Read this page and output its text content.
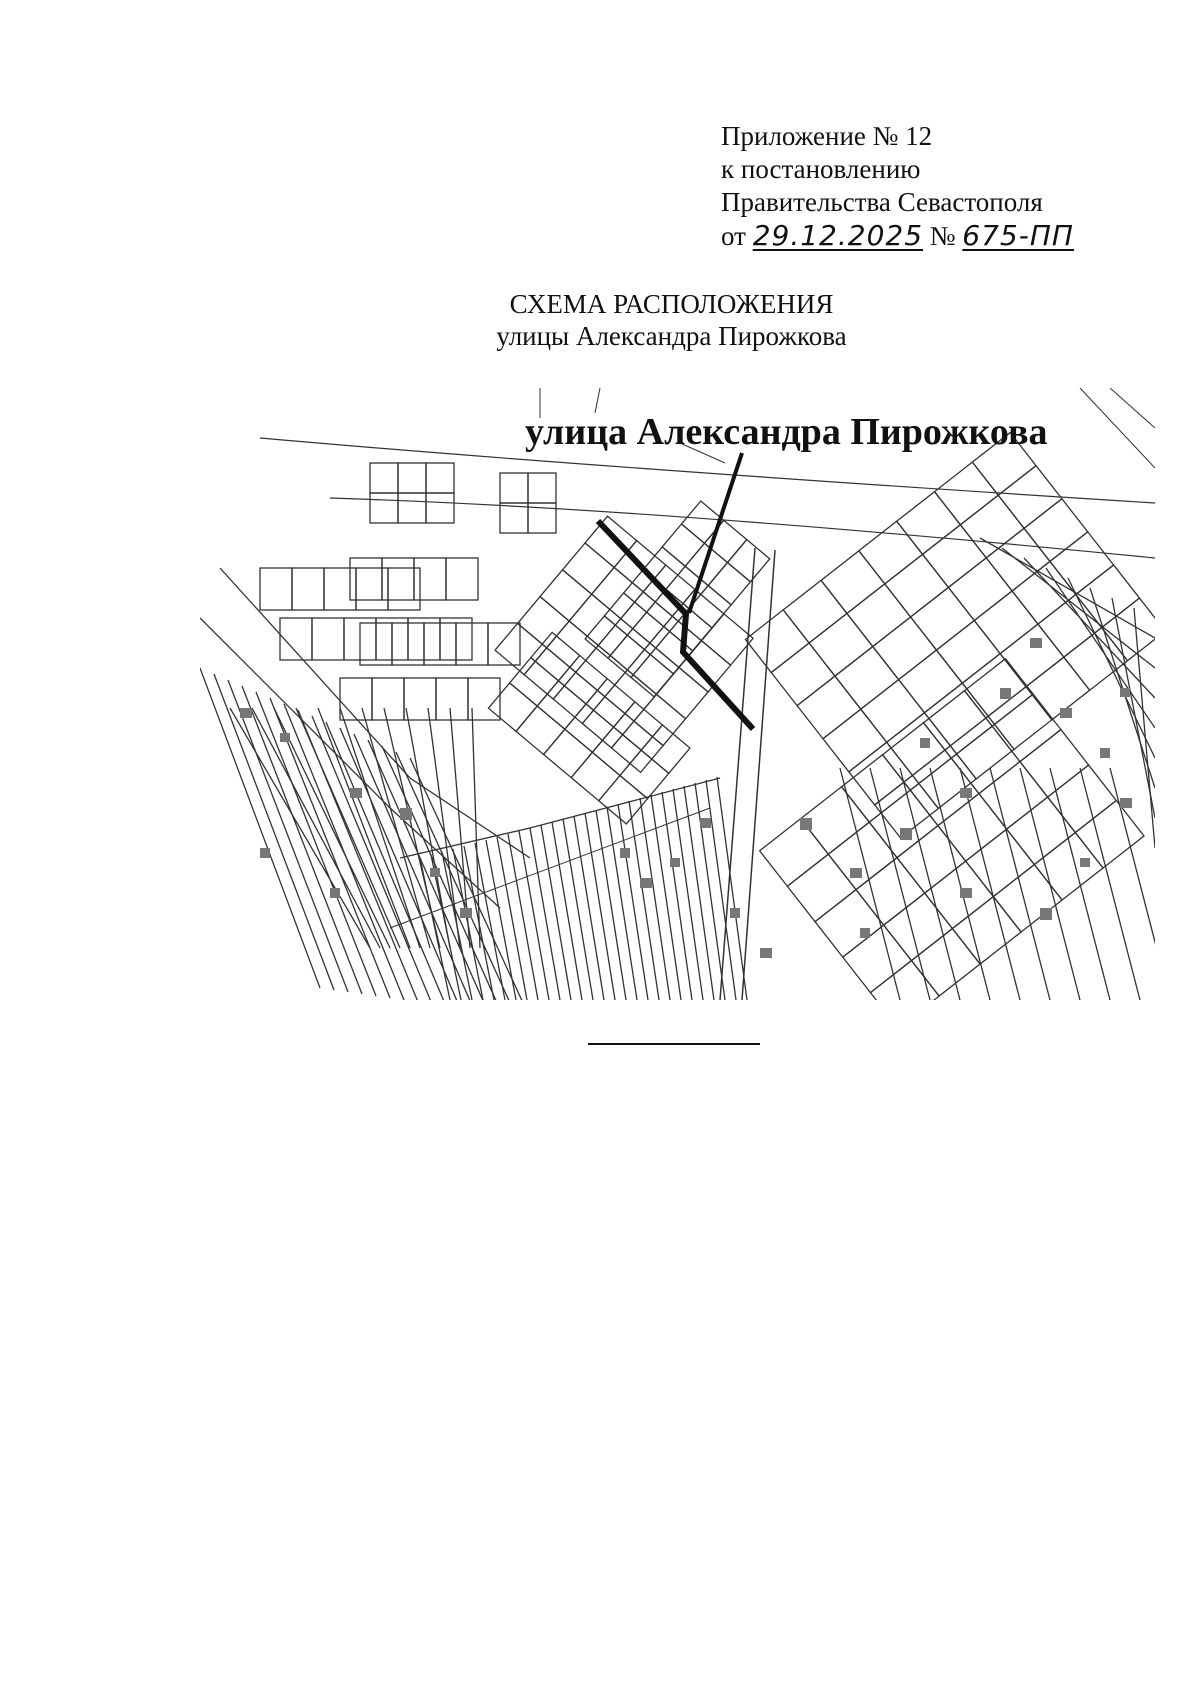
Приложение № 12
к постановлению
Правительства Севастополя
от 29.12.2025 № 675-ПП
СХЕМА РАСПОЛОЖЕНИЯ
улицы Александра Пирожкова
улица Александра Пирожкова
